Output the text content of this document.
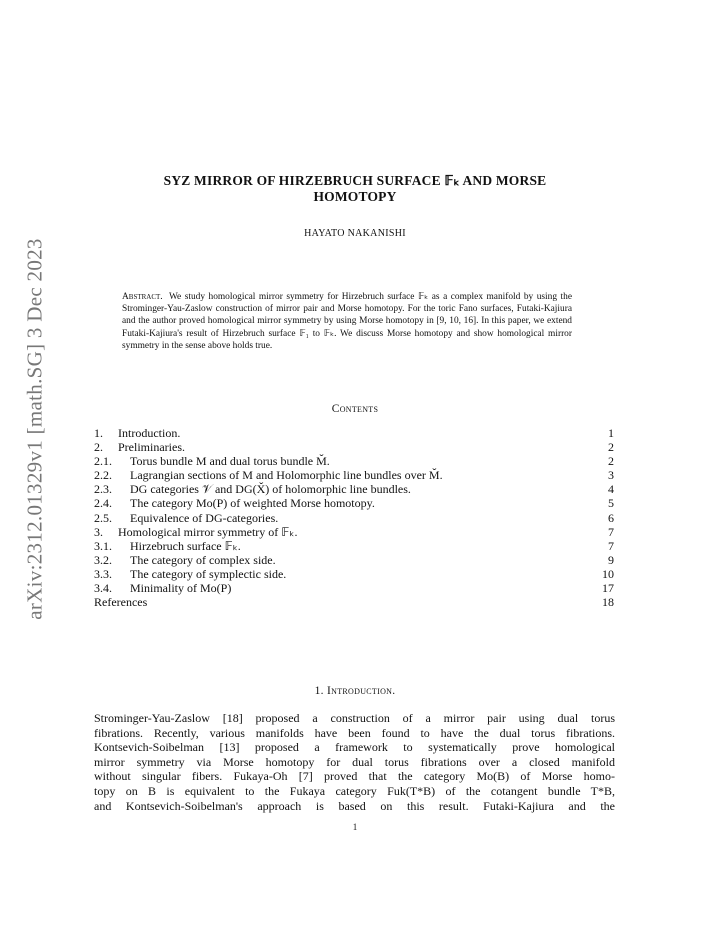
arXiv:2312.01329v1 [math.SG] 3 Dec 2023
SYZ MIRROR OF HIRZEBRUCH SURFACE 𝔽ₖ AND MORSE
HOMOTOPY
HAYATO NAKANISHI
Abstract. We study homological mirror symmetry for Hirzebruch surface 𝔽ₖ as a complex manifold by using the Strominger-Yau-Zaslow construction of mirror pair and Morse homotopy. For the toric Fano surfaces, Futaki-Kajiura and the author proved homological mirror symmetry by using Morse homotopy in [9, 10, 16]. In this paper, we extend Futaki-Kajiura's result of Hirzebruch surface 𝔽₁ to 𝔽ₖ. We discuss Morse homotopy and show homological mirror symmetry in the sense above holds true.
Contents
1. Introduction.	1
2. Preliminaries.	2
2.1. Torus bundle M and dual torus bundle M̌.	2
2.2. Lagrangian sections of M and Holomorphic line bundles over M̌.	3
2.3. DG categories 𝒱 and DG(X̌) of holomorphic line bundles.	4
2.4. The category Mo(P) of weighted Morse homotopy.	5
2.5. Equivalence of DG-categories.	6
3. Homological mirror symmetry of 𝔽ₖ.	7
3.1. Hirzebruch surface 𝔽ₖ.	7
3.2. The category of complex side.	9
3.3. The category of symplectic side.	10
3.4. Minimality of Mo(P)	17
References	18
1. Introduction.
Strominger-Yau-Zaslow [18] proposed a construction of a mirror pair using dual torus
fibrations. Recently, various manifolds have been found to have the dual torus fibrations.
Kontsevich-Soibelman [13] proposed a framework to systematically prove homological
mirror symmetry via Morse homotopy for dual torus fibrations over a closed manifold
without singular fibers. Fukaya-Oh [7] proved that the category Mo(B) of Morse homo-
topy on B is equivalent to the Fukaya category Fuk(T*B) of the cotangent bundle T*B,
and Kontsevich-Soibelman's approach is based on this result. Futaki-Kajiura and the
1
